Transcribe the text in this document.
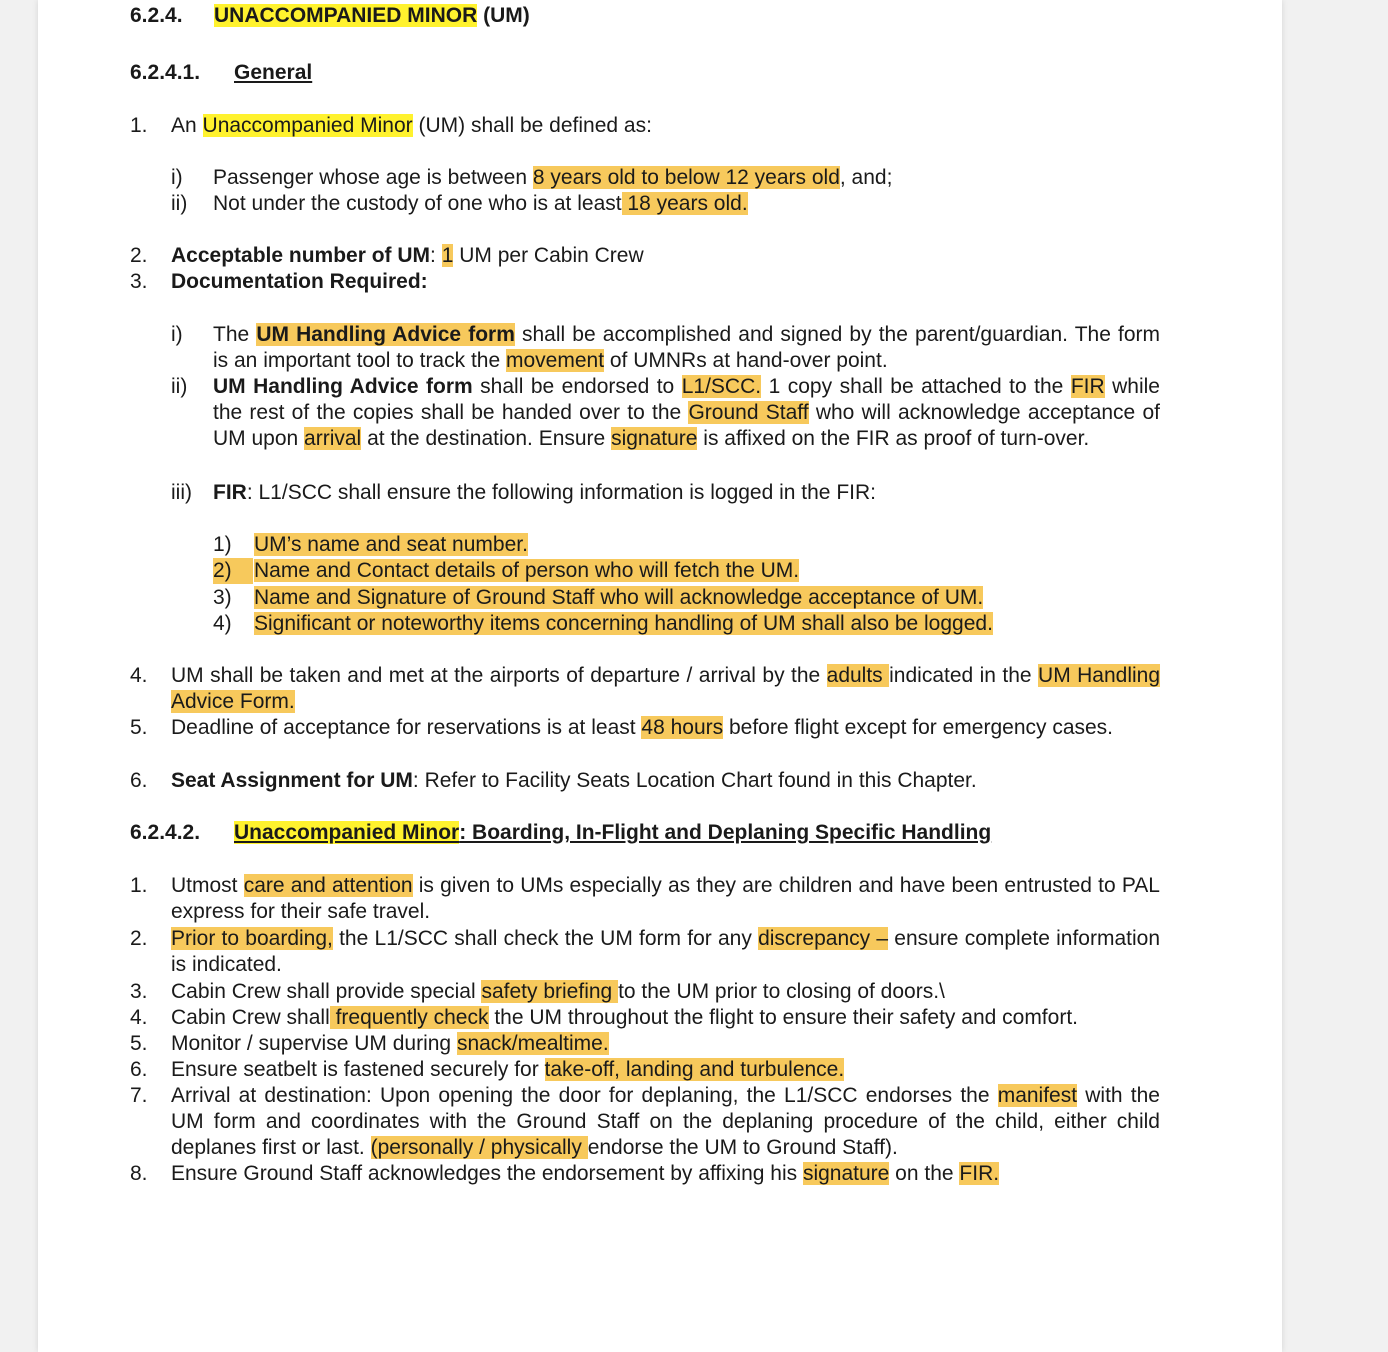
6.2.4. UNACCOMPANIED MINOR (UM)
6.2.4.1. General
1.	An Unaccompanied Minor (UM) shall be defined as:
i)	Passenger whose age is between 8 years old to below 12 years old, and;
ii)	Not under the custody of one who is at least 18 years old.
2.	Acceptable number of UM: 1 UM per Cabin Crew
3.	Documentation Required:
i)	The UM Handling Advice form shall be accomplished and signed by the parent/guardian. The form is an important tool to track the movement of UMNRs at hand-over point.
ii)	UM Handling Advice form shall be endorsed to L1/SCC. 1 copy shall be attached to the FIR while the rest of the copies shall be handed over to the Ground Staff who will acknowledge acceptance of UM upon arrival at the destination. Ensure signature is affixed on the FIR as proof of turn-over.
iii)	FIR: L1/SCC shall ensure the following information is logged in the FIR:
1)	UM’s name and seat number.
2)	Name and Contact details of person who will fetch the UM.
3)	Name and Signature of Ground Staff who will acknowledge acceptance of UM.
4)	Significant or noteworthy items concerning handling of UM shall also be logged.
4.	UM shall be taken and met at the airports of departure / arrival by the adults indicated in the UM Handling Advice Form.
5.	Deadline of acceptance for reservations is at least 48 hours before flight except for emergency cases.
6.	Seat Assignment for UM: Refer to Facility Seats Location Chart found in this Chapter.
6.2.4.2. Unaccompanied Minor: Boarding, In-Flight and Deplaning Specific Handling
1.	Utmost care and attention is given to UMs especially as they are children and have been entrusted to PAL express for their safe travel.
2.	Prior to boarding, the L1/SCC shall check the UM form for any discrepancy – ensure complete information is indicated.
3.	Cabin Crew shall provide special safety briefing to the UM prior to closing of doors.\
4.	Cabin Crew shall frequently check the UM throughout the flight to ensure their safety and comfort.
5.	Monitor / supervise UM during snack/mealtime.
6.	Ensure seatbelt is fastened securely for take-off, landing and turbulence.
7.	Arrival at destination: Upon opening the door for deplaning, the L1/SCC endorses the manifest with the UM form and coordinates with the Ground Staff on the deplaning procedure of the child, either child deplanes first or last. (personally / physically endorse the UM to Ground Staff).
8.	Ensure Ground Staff acknowledges the endorsement by affixing his signature on the FIR.
